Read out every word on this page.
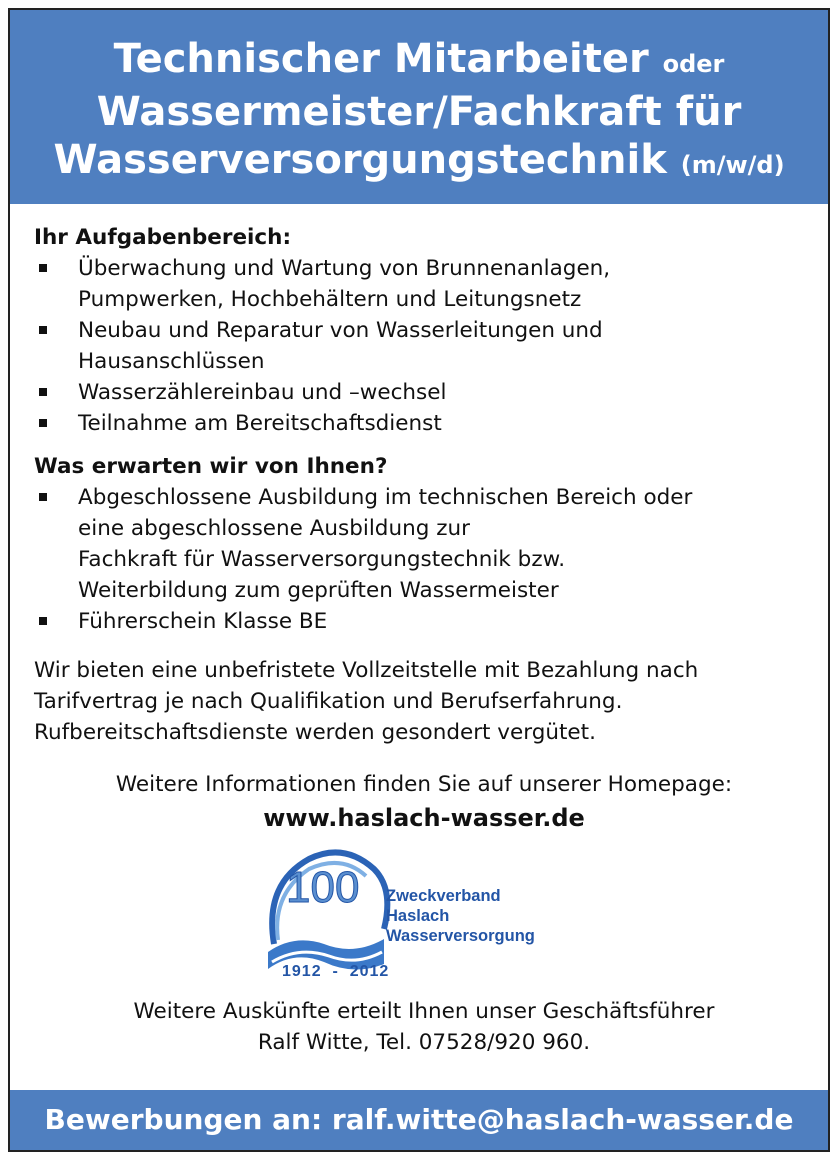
Technischer Mitarbeiter oder
Wassermeister/Fachkraft für
Wasserversorgungstechnik (m/w/d)

Ihr Aufgabenbereich:

Überwachung und Wartung von Brunnenanlagen,
Pumpwerken, Hochbehältern und Leitungsnetz
Neubau und Reparatur von Wasserleitungen und
Hausanschlüssen
Wasserzählereinbau und –wechsel
Teilnahme am Bereitschaftsdienst

Was erwarten wir von Ihnen?

Abgeschlossene Ausbildung im technischen Bereich oder
eine abgeschlossene Ausbildung zur
Fachkraft für Wasserversorgungstechnik bzw.
Weiterbildung zum geprüften Wassermeister
Führerschein Klasse BE
Wir bieten eine unbefristete Vollzeitstelle mit Bezahlung nach
Tarifvertrag je nach Qualifikation und Berufserfahrung.
Rufbereitschaftsdienste werden gesondert vergütet.
Weitere Informationen finden Sie auf unserer Homepage:
www.haslach-wasser.de
100
Jahre
Zweckverband
Haslach
Wasserversorgung
1912  -  2012
Weitere Auskünfte erteilt Ihnen unser Geschäftsführer
Ralf Witte, Tel. 07528/920 960.
Bewerbungen an: ralf.witte@haslach-wasser.de
